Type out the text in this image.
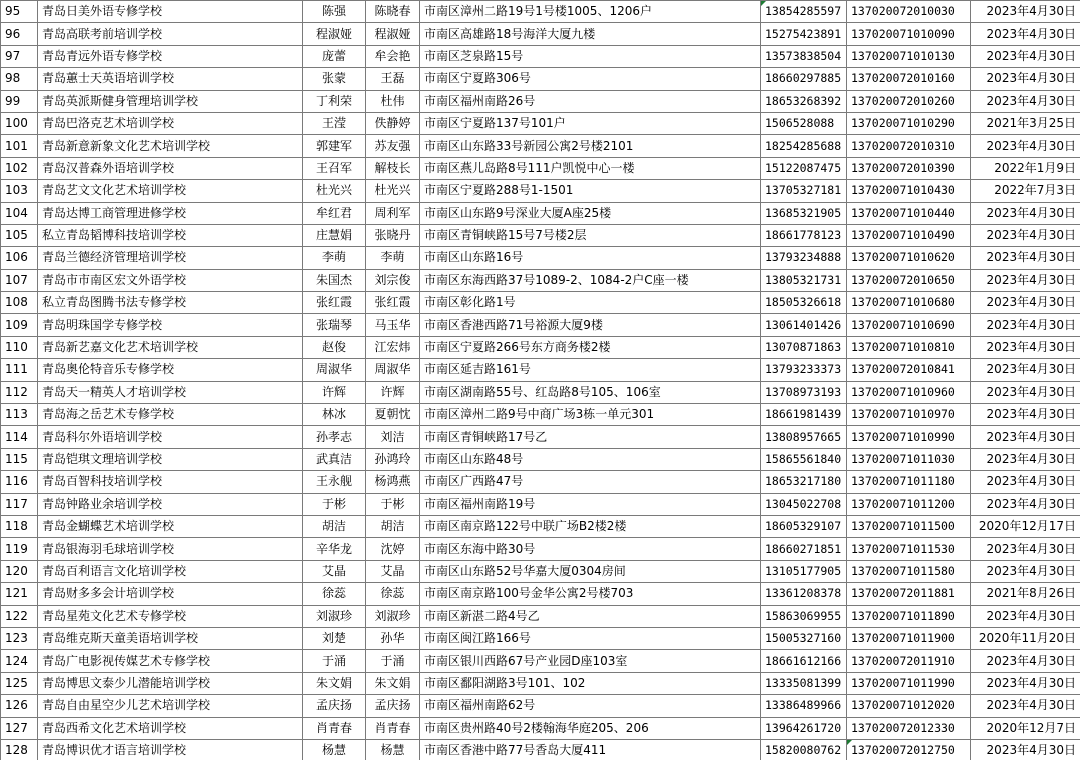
95	青岛日美外语专修学校	陈强	陈晓春	市南区漳州二路19号1号楼1005、1206户	13854285597	137020072010030	2023年4月30日
96	青岛高联考前培训学校	程淑娅	程淑娅	市南区高雄路18号海洋大厦九楼	15275423891	137020071010090	2023年4月30日
97	青岛青远外语专修学校	庞蕾	牟会艳	市南区芝泉路15号	13573838504	137020071010130	2023年4月30日
98	青岛蕙士天英语培训学校	张蒙	王磊	市南区宁夏路306号	18660297885	137020072010160	2023年4月30日
99	青岛英派斯健身管理培训学校	丁利荣	杜伟	市南区福州南路26号	18653268392	137020072010260	2023年4月30日
100	青岛巴洛克艺术培训学校	王滢	佚静婷	市南区宁夏路137号101户	1506528088	137020071010290	2021年3月25日
101	青岛新意新象文化艺术培训学校	郭建军	苏友强	市南区山东路33号新园公寓2号楼2101	18254285688	137020072010310	2023年4月30日
102	青岛汉普森外语培训学校	王召军	解枝长	市南区燕儿岛路8号111户凯悦中心一楼	15122087475	137020072010390	2022年1月9日
103	青岛艺文文化艺术培训学校	杜光兴	杜光兴	市南区宁夏路288号1-1501	13705327181	137020071010430	2022年7月3日
104	青岛达博工商管理进修学校	牟红君	周利军	市南区山东路9号深业大厦A座25楼	13685321905	137020071010440	2023年4月30日
105	私立青岛韬博科技培训学校	庄慧娟	张晓丹	市南区青铜峡路15号7号楼2层	18661778123	137020071010490	2023年4月30日
106	青岛兰德经济管理培训学校	李萌	李萌	市南区山东路16号	13793234888	137020071010620	2023年4月30日
107	青岛市市南区宏文外语学校	朱国杰	刘宗俊	市南区东海西路37号1089-2、1084-2户C座一楼	13805321731	137020072010650	2023年4月30日
108	私立青岛图腾书法专修学校	张红霞	张红霞	市南区彰化路1号	18505326618	137020071010680	2023年4月30日
109	青岛明珠国学专修学校	张瑞琴	马玉华	市南区香港西路71号裕源大厦9楼	13061401426	137020071010690	2023年4月30日
110	青岛新艺嘉文化艺术培训学校	赵俊	江宏炜	市南区宁夏路266号东方商务楼2楼	13070871863	137020071010810	2023年4月30日
111	青岛奥伦特音乐专修学校	周淑华	周淑华	市南区延吉路161号	13793233373	137020072010841	2023年4月30日
112	青岛天一精英人才培训学校	许辉	许辉	市南区湖南路55号、红岛路8号105、106室	13708973193	137020071010960	2023年4月30日
113	青岛海之岳艺术专修学校	林冰	夏朝忱	市南区漳州二路9号中商广场3栋一单元301	18661981439	137020071010970	2023年4月30日
114	青岛科尔外语培训学校	孙孝志	刘洁	市南区青铜峡路17号乙	13808957665	137020071010990	2023年4月30日
115	青岛铠琪文理培训学校	武真洁	孙鸿玲	市南区山东路48号	15865561840	137020071011030	2023年4月30日
116	青岛百智科技培训学校	王永舰	杨鸿燕	市南区广西路47号	18653217180	137020071011180	2023年4月30日
117	青岛钟路业余培训学校	于彬	于彬	市南区福州南路19号	13045022708	137020071011200	2023年4月30日
118	青岛金蝴蝶艺术培训学校	胡洁	胡洁	市南区南京路122号中联广场B2楼2楼	18605329107	137020071011500	2020年12月17日
119	青岛银海羽毛球培训学校	辛华龙	沈婷	市南区东海中路30号	18660271851	137020071011530	2023年4月30日
120	青岛百利语言文化培训学校	艾晶	艾晶	市南区山东路52号华嘉大厦0304房间	13105177905	137020071011580	2023年4月30日
121	青岛财多多会计培训学校	徐蕊	徐蕊	市南区南京路100号金华公寓2号楼703	13361208378	137020072011881	2021年8月26日
122	青岛星苑文化艺术专修学校	刘淑珍	刘淑珍	市南区新湛二路4号乙	15863069955	137020071011890	2023年4月30日
123	青岛维克斯天童美语培训学校	刘楚	孙华	市南区闽江路166号	15005327160	137020071011900	2020年11月20日
124	青岛广电影视传媒艺术专修学校	于涌	于涌	市南区银川西路67号产业园D座103室	18661612166	137020072011910	2023年4月30日
125	青岛博思文泰少儿潜能培训学校	朱文娟	朱文娟	市南区鄱阳湖路3号101、102	13335081399	137020071011990	2023年4月30日
126	青岛自由星空少儿艺术培训学校	孟庆扬	孟庆扬	市南区福州南路62号	13386489966	137020071012020	2023年4月30日
127	青岛西希文化艺术培训学校	肖青春	肖青春	市南区贵州路40号2楼翰海华庭205、206	13964261720	137020072012330	2020年12月7日
128	青岛博识优才语言培训学校	杨慧	杨慧	市南区香港中路77号香岛大厦411	15820080762	137020072012750	2023年4月30日
